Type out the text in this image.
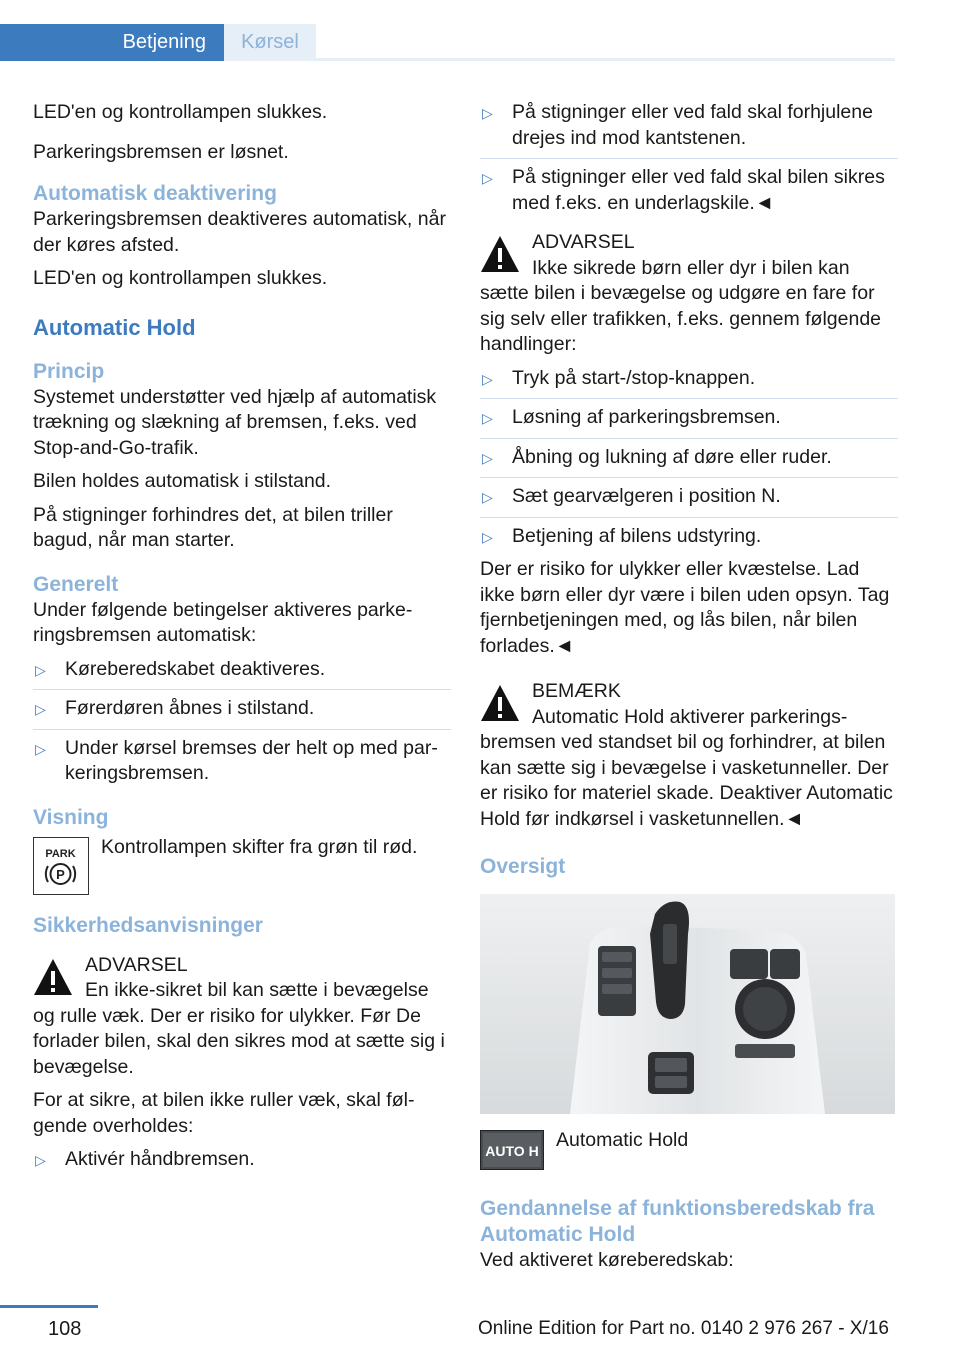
Betjening	Kørsel

LED'en og kontrollampen slukkes.

Parkeringsbremsen er løsnet.

Automatisk deaktivering

Parkeringsbremsen deaktiveres automatisk, når der køres afsted.

LED'en og kontrollampen slukkes.

Automatic Hold
Princip

Systemet understøtter ved hjælp af automatisk trækning og slækning af bremsen, f.eks. ved Stop-and-Go-trafik.

Bilen holdes automatisk i stilstand.

På stigninger forhindres det, at bilen triller bagud, når man starter.

Generelt

Under følgende betingelser aktiveres parkeringsbremsen automatisk:

▷ Køreberedskabet deaktiveres.
▷ Førerdøren åbnes i stilstand.
▷ Under kørsel bremses der helt op med parkeringsbremsen.
Visning
PARK
P

Kontrollampen skifter fra grøn til rød.

Sikkerhedsanvisninger
ADVARSEL
En ikke-sikret bil kan sætte i bevægelse og rulle væk. Der er risiko for ulykker. Før De forlader bilen, skal den sikres mod at sætte sig i bevægelse.

For at sikre, at bilen ikke ruller væk, skal følgende overholdes:

▷ Aktivér håndbremsen.
▷ På stigninger eller ved fald skal forhjulene drejes ind mod kantstenen.
▷ På stigninger eller ved fald skal bilen sikres med f.eks. en underlagskile.◄
ADVARSEL
Ikke sikrede børn eller dyr i bilen kan sætte bilen i bevægelse og udgøre en fare for sig selv eller trafikken, f.eks. gennem følgende handlinger:
▷ Tryk på start-/stop-knappen.
▷ Løsning af parkeringsbremsen.
▷ Åbning og lukning af døre eller ruder.
▷ Sæt gearvælgeren i position N.
▷ Betjening af bilens udstyring.

Der er risiko for ulykker eller kvæstelse. Lad ikke børn eller dyr være i bilen uden opsyn. Tag fjernbetjeningen med, og lås bilen, når bilen forlades.◄

BEMÆRK
Automatic Hold aktiverer parkeringsbremsen ved standset bil og forhindrer, at bilen kan sætte sig i bevægelse i vasketunneller. Der er risiko for materiel skade. Deaktiver Automatic Hold før indkørsel i vasketunnellen.◄
Oversigt
AUTO H Automatic Hold

Gendannelse af funktionsberedskab fra Automatic Hold

Ved aktiveret køreberedskab:

108	Online Edition for Part no. 0140 2 976 267 - X/16
